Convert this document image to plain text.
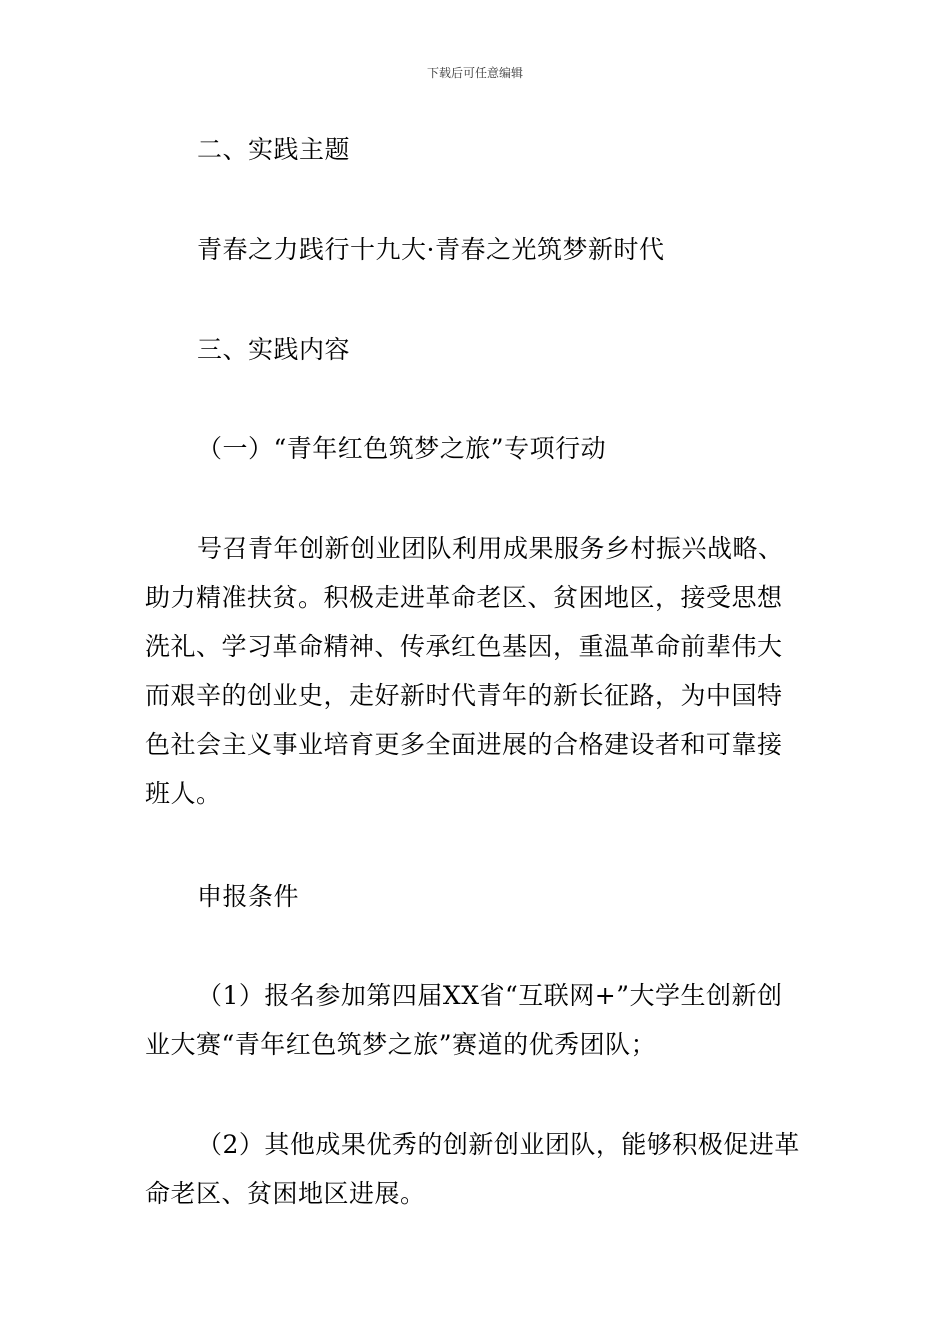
下载后可任意编辑

二、实践主题

青春之力践行十九大·青春之光筑梦新时代

三、实践内容

（一）“青年红色筑梦之旅”专项行动

号召青年创新创业团队利用成果服务乡村振兴战略、助力精准扶贫。积极走进革命老区、贫困地区，接受思想洗礼、学习革命精神、传承红色基因，重温革命前辈伟大而艰辛的创业史，走好新时代青年的新长征路，为中国特色社会主义事业培育更多全面进展的合格建设者和可靠接班人。

申报条件

（1）报名参加第四届XX省“互联网+”大学生创新创业大赛“青年红色筑梦之旅”赛道的优秀团队；

（2）其他成果优秀的创新创业团队，能够积极促进革命老区、贫困地区进展。
